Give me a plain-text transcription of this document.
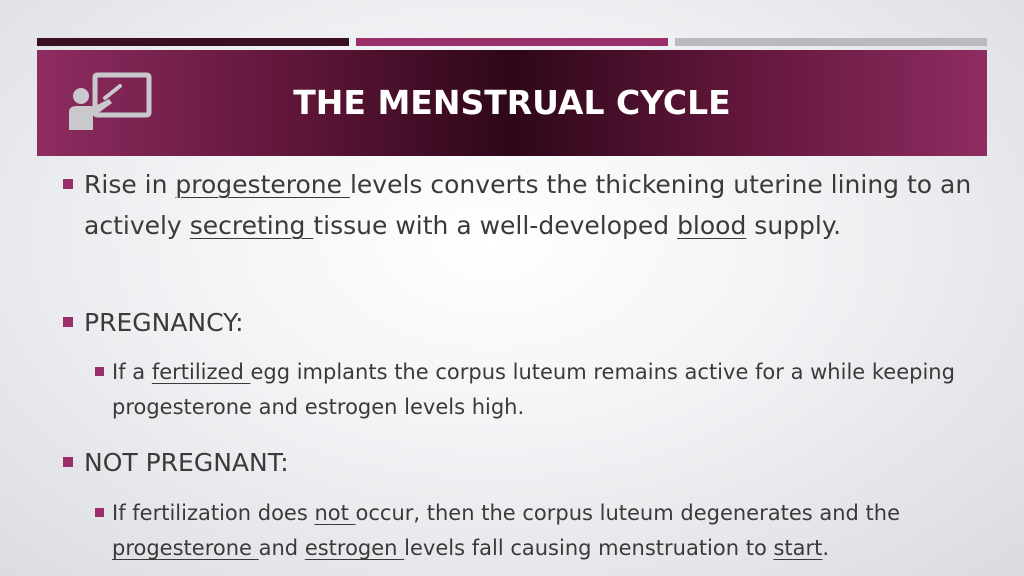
THE MENSTRUAL CYCLE
Rise in progesterone levels converts the thickening uterine lining to an actively secreting tissue with a well-developed blood supply.
PREGNANCY:
If a fertilized egg implants the corpus luteum remains active for a while keeping progesterone and estrogen levels high.
NOT PREGNANT:
If fertilization does not occur, then the corpus luteum degenerates and the progesterone and estrogen levels fall causing menstruation to start.
